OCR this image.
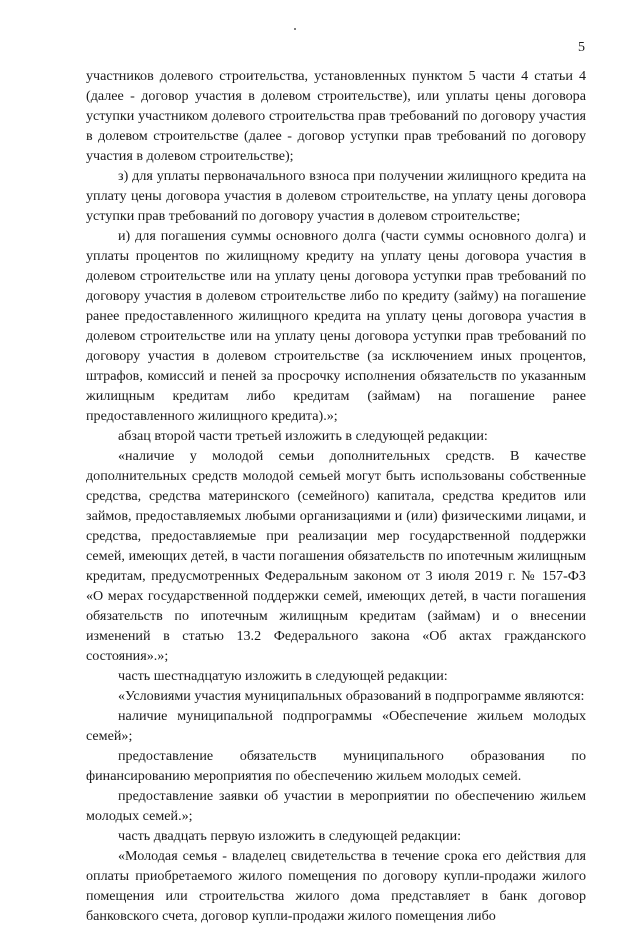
5

участников долевого строительства, установленных пунктом 5 части 4 статьи 4 (далее - договор участия в долевом строительстве), или уплаты цены договора уступки участником долевого строительства прав требований по договору участия в долевом строительстве (далее - договор уступки прав требований по договору участия в долевом строительстве);

з) для уплаты первоначального взноса при получении жилищного кредита на уплату цены договора участия в долевом строительстве, на уплату цены договора уступки прав требований по договору участия в долевом строительстве;

и) для погашения суммы основного долга (части суммы основного долга) и уплаты процентов по жилищному кредиту на уплату цены договора участия в долевом строительстве или на уплату цены договора уступки прав требований по договору участия в долевом строительстве либо по кредиту (займу) на погашение ранее предоставленного жилищного кредита на уплату цены договора участия в долевом строительстве или на уплату цены договора уступки прав требований по договору участия в долевом строительстве (за исключением иных процентов, штрафов, комиссий и пеней за просрочку исполнения обязательств по указанным жилищным кредитам либо кредитам (займам) на погашение ранее предоставленного жилищного кредита).»;

абзац второй части третьей изложить в следующей редакции:

«наличие у молодой семьи дополнительных средств. В качестве дополнительных средств молодой семьей могут быть использованы собственные средства, средства материнского (семейного) капитала, средства кредитов или займов, предоставляемых любыми организациями и (или) физическими лицами, и средства, предоставляемые при реализации мер государственной поддержки семей, имеющих детей, в части погашения обязательств по ипотечным жилищным кредитам, предусмотренных Федеральным законом от 3 июля 2019 г. № 157-ФЗ «О мерах государственной поддержки семей, имеющих детей, в части погашения обязательств по ипотечным жилищным кредитам (займам) и о внесении изменений в статью 13.2 Федерального закона «Об актах гражданского состояния».»;

часть шестнадцатую изложить в следующей редакции:

«Условиями участия муниципальных образований в подпрограмме являются:

наличие муниципальной подпрограммы «Обеспечение жильем молодых семей»;

предоставление обязательств муниципального образования по финансированию мероприятия по обеспечению жильем молодых семей.

предоставление заявки об участии в мероприятии по обеспечению жильем молодых семей.»;

часть двадцать первую изложить в следующей редакции:

«Молодая семья - владелец свидетельства в течение срока его действия для оплаты приобретаемого жилого помещения по договору купли-продажи жилого помещения или строительства жилого дома представляет в банк договор банковского счета, договор купли-продажи жилого помещения либо
